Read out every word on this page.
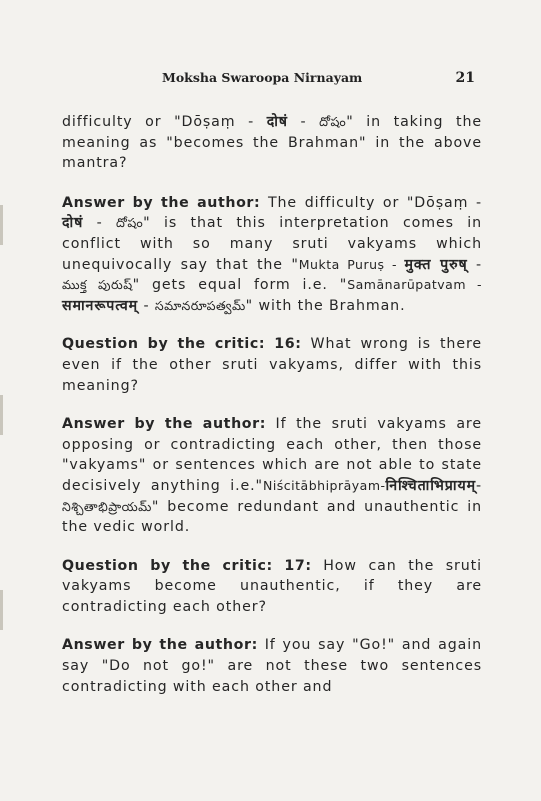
Moksha Swaroopa Nirnayam	21

difficulty or "Dōṣaṃ - दोषं - దోషం" in taking the meaning as "becomes the Brahman" in the above mantra?

Answer by the author: The difficulty or "Dōṣaṃ - दोषं - దోషం" is that this interpretation comes in conflict with so many sruti vakyams which unequivocally say that the "Mukta Puruṣ - मुक्त पुरुष् - ముక్త పురుష్" gets equal form i.e. "Samānarūpatvam - समानरूपत्वम् - సమానరూపత్వమ్" with the Brahman.

Question by the critic: 16: What wrong is there even if the other sruti vakyams, differ with this meaning?

Answer by the author: If the sruti vakyams are opposing or contradicting each other, then those "vakyams" or sentences which are not able to state decisively anything i.e."Niścitābhiprāyam-निश्चिताभिप्रायम्-నిశ్చితాభిప్రాయమ్" become redundant and unauthentic in the vedic world.

Question by the critic: 17: How can the sruti vakyams become unauthentic, if they are contradicting each other?

Answer by the author: If you say "Go!" and again say "Do not go!" are not these two sentences contradicting with each other and
